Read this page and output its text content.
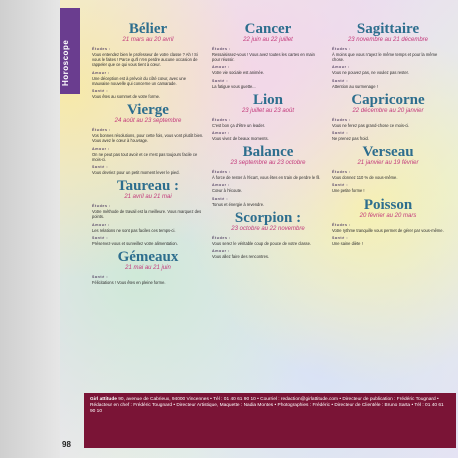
Horoscope
Bélier
21 mars au 20 avril
Études :
Vous entendez bien le professeur de votre classe ? Ah ! Si vous le faites ! Parce qu'il n'en perdre aucune occasion de rappeler que ce qui vous tient à cœur.
Amour :
Une déception est à prévoir du côté cœur, avec une mauvaise nouvelle qui concerne un camarade.
Santé :
Vous êtes au sommet de votre forme.
Vierge
24 août au 23 septembre
Études :
Vos bonnes résolutions, pour cette fois, vous vont plutôt bien. Vous avez le cœur à l'ouvrage.
Amour :
On ne peut pas tout avoir et ce n'est pas toujours facile ce mois-ci.
Santé :
Vous devriez pour un petit moment lever le pied.
Taureau :
21 avril au 21 mai
Études :
Votre méthode de travail est la meilleure. Vous marquez des points.
Amour :
Les relations ne sont pas faciles ces temps-ci.
Santé :
Préservez-vous et surveillez votre alimentation.
Gémeaux
21 mai au 21 juin
Santé :
Félicitations ! Vous êtes en pleine forme.
Cancer
22 juin au 22 juillet
Études :
Ressaisissez-vous ! Vous avez toutes les cartes en main pour réussir.
Amour :
Votre vie sociale est animée.
Santé :
La fatigue vous guette...
Lion
23 juillet au 23 août
Études :
C'est bon ça d'être un leader.
Amour :
Vous vivez de beaux moments.
Balance
23 septembre au 23 octobre
Études :
À force de rester à l'écart, vous êtes en train de perdre le fil.
Amour :
Cœur à l'écoute.
Santé :
Tonus et énergie à revendre.
Scorpion :
23 octobre au 22 novembre
Études :
Vous serez le véritable coup de pouce de votre classe.
Amour :
Vous allez faire des rencontres.
Sagittaire
23 novembre au 21 décembre
Études :
À moins que vous n'ayez le même temps et pour la même chose.
Amour :
Vous ne pouvez pas, ne voulez pas rester.
Santé :
Attention au surmenage !
Capricorne
22 décembre au 20 janvier
Études :
Vous ne ferez pas grand-chose ce mois-ci.
Santé :
Ne prenez pas froid.
Verseau
21 janvier au 19 février
Études :
Vous donnez 110 % de vous-même.
Santé :
Une petite forme !
Poisson
20 février au 20 mars
Études :
Votre rythme tranquille vous permet de gérer par vous-même.
Santé :
Une saine diète !
Girl attitude 90, avenue de Cabrieux, 94000 Vincennes • Tél : 01 40 61 90 10 • Courriel : redaction@girlattitude.com • Directeur de publication : Frédéric Tougnard • Rédacteur en chef : Frédéric Tougnard • Directeur Artistique, Maquette : Nadia Montes • Photographies : Frédéric • Directeur de Clientèle : Bruno Sarta • Tél : 01 40 61 90 10
98
